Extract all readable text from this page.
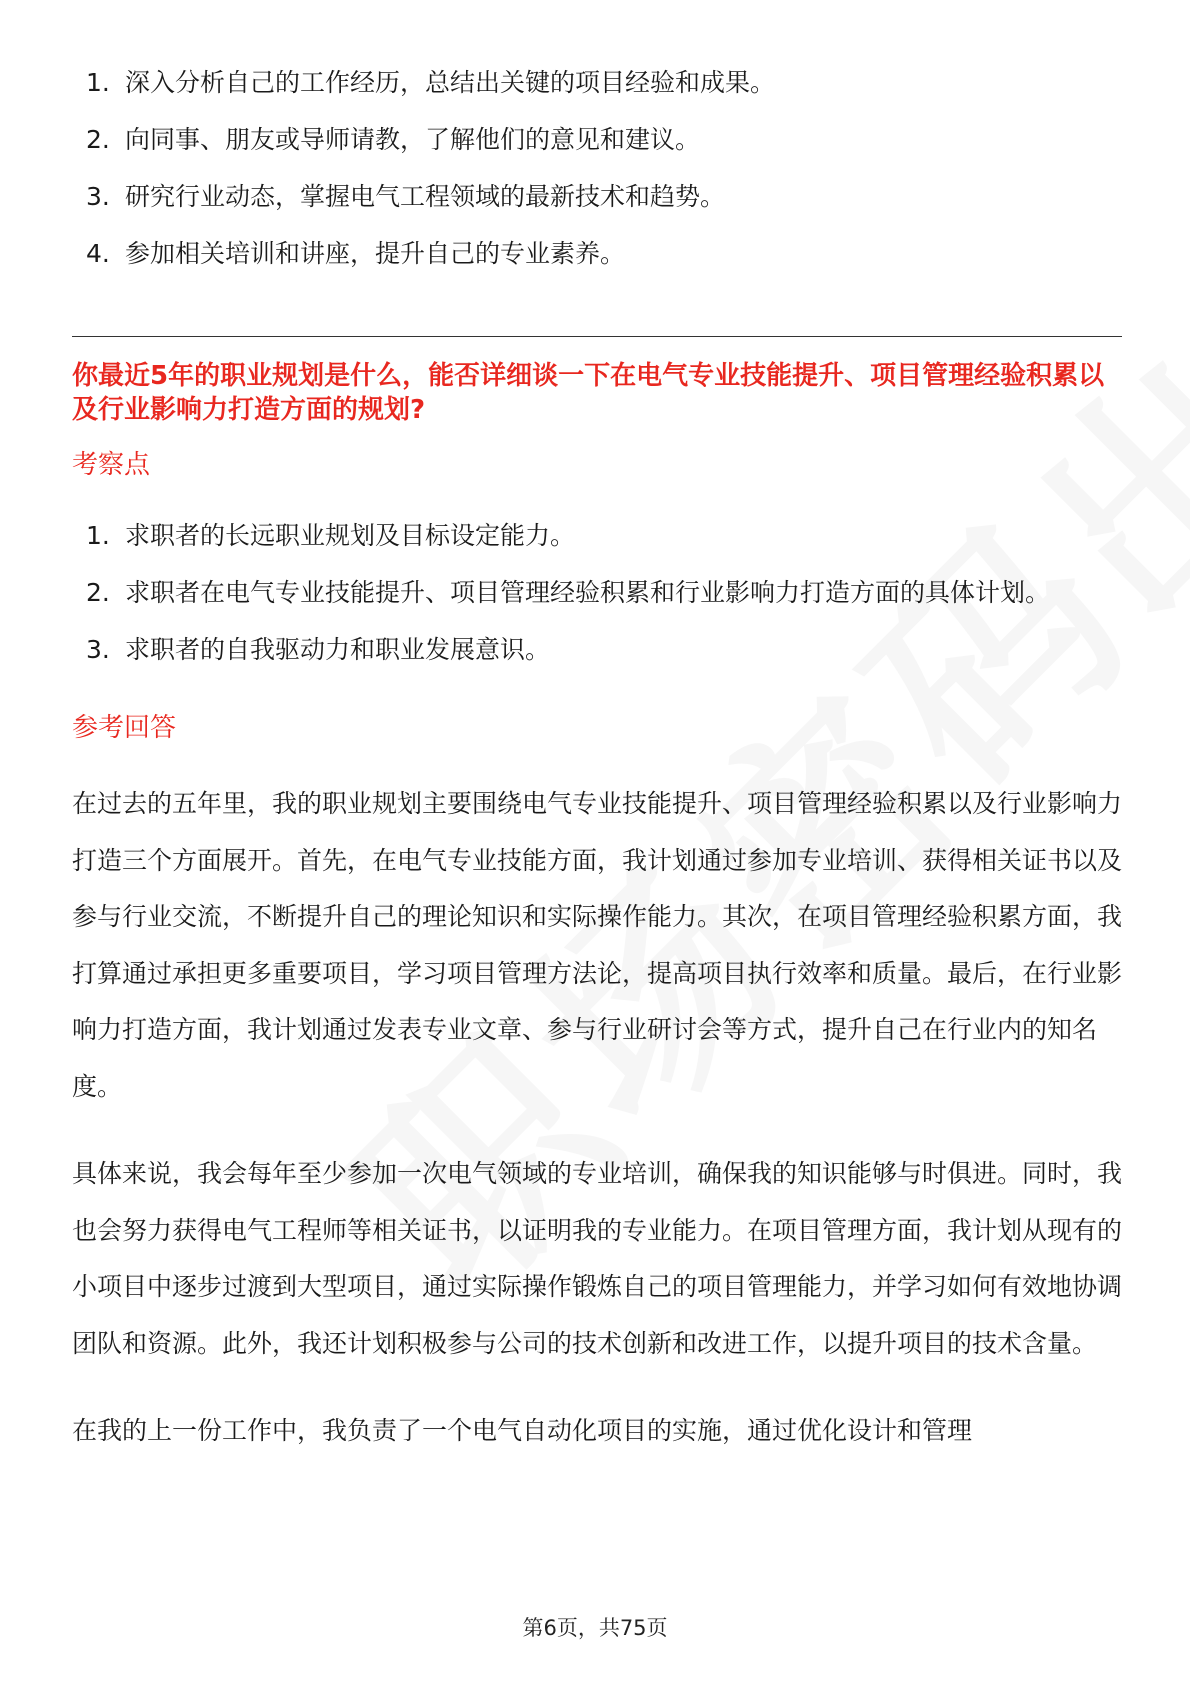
1. 深入分析自己的工作经历，总结出关键的项目经验和成果。
2. 向同事、朋友或导师请教，了解他们的意见和建议。
3. 研究行业动态，掌握电气工程领域的最新技术和趋势。
4. 参加相关培训和讲座，提升自己的专业素养。
你最近5年的职业规划是什么，能否详细谈一下在电气专业技能提升、项目管理经验积累以及行业影响力打造方面的规划?
考察点
1. 求职者的长远职业规划及目标设定能力。
2. 求职者在电气专业技能提升、项目管理经验积累和行业影响力打造方面的具体计划。
3. 求职者的自我驱动力和职业发展意识。
参考回答

在过去的五年里，我的职业规划主要围绕电气专业技能提升、项目管理经验积累以及行业影响力打造三个方面展开。首先，在电气专业技能方面，我计划通过参加专业培训、获得相关证书以及参与行业交流，不断提升自己的理论知识和实际操作能力。其次，在项目管理经验积累方面，我打算通过承担更多重要项目，学习项目管理方法论，提高项目执行效率和质量。最后，在行业影响力打造方面，我计划通过发表专业文章、参与行业研讨会等方式，提升自己在行业内的知名度。

具体来说，我会每年至少参加一次电气领域的专业培训，确保我的知识能够与时俱进。同时，我也会努力获得电气工程师等相关证书，以证明我的专业能力。在项目管理方面，我计划从现有的小项目中逐步过渡到大型项目，通过实际操作锻炼自己的项目管理能力，并学习如何有效地协调团队和资源。此外，我还计划积极参与公司的技术创新和改进工作，以提升项目的技术含量。

在我的上一份工作中，我负责了一个电气自动化项目的实施，通过优化设计和管理

第6页，共75页
